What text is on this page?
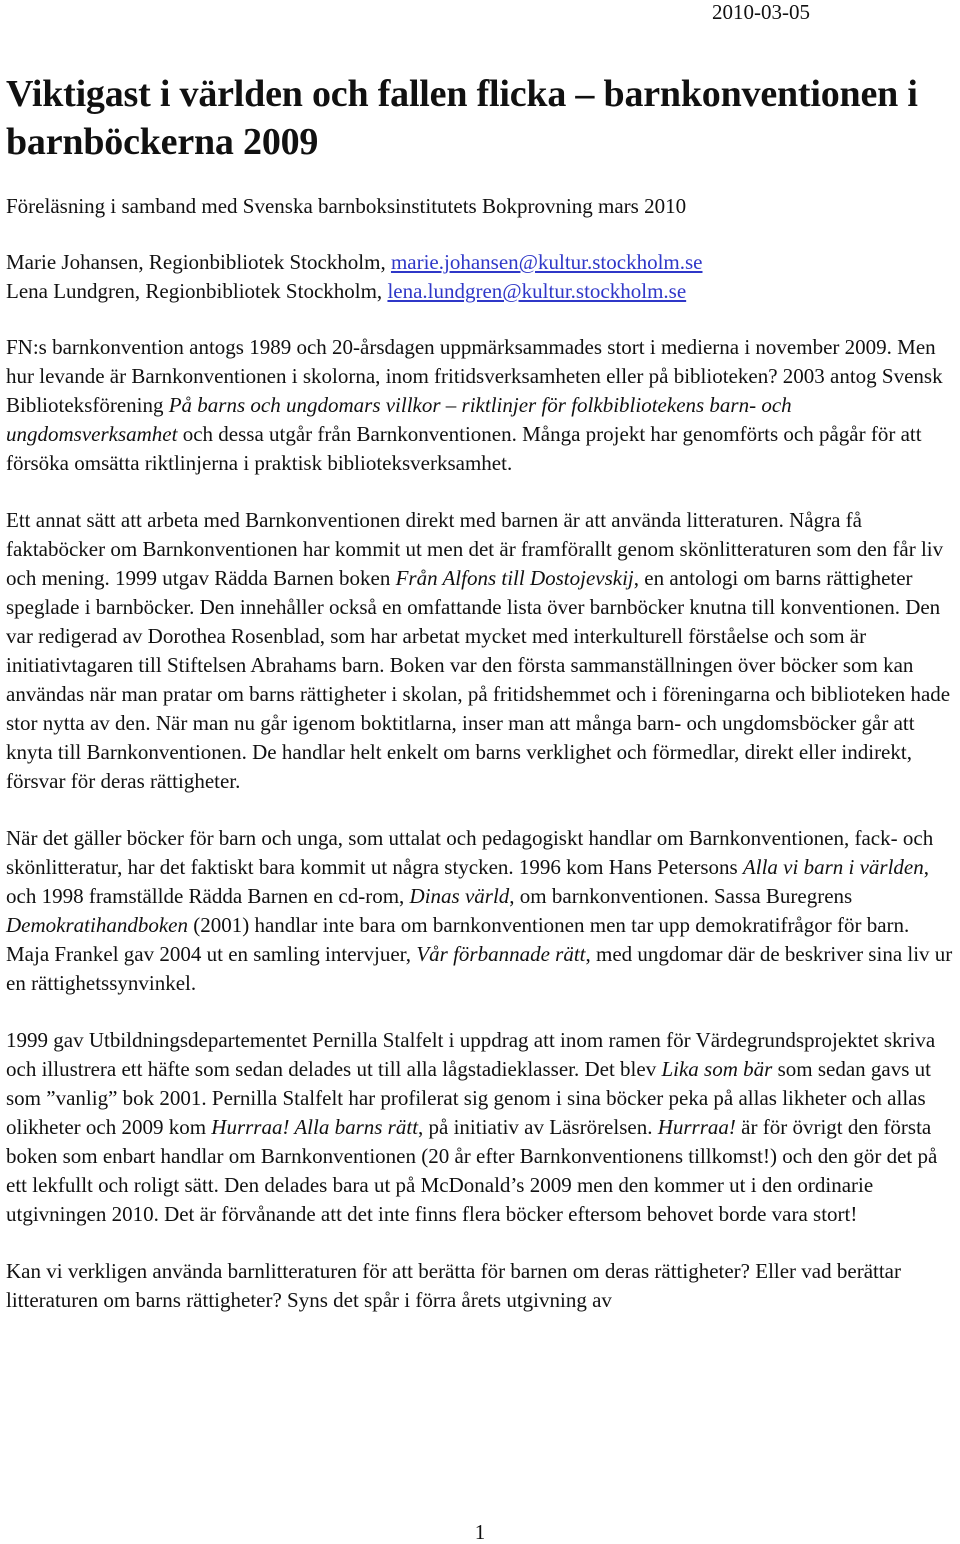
2010-03-05
Viktigast i världen och fallen flicka – barnkonventionen i barnböckerna 2009

Föreläsning i samband med Svenska barnboksinstitutets Bokprovning mars 2010

Marie Johansen, Regionbibliotek Stockholm, marie.johansen@kultur.stockholm.se

Lena Lundgren, Regionbibliotek Stockholm, lena.lundgren@kultur.stockholm.se

FN:s barnkonvention antogs 1989 och 20-årsdagen uppmärksammades stort i medierna i november 2009. Men hur levande är Barnkonventionen i skolorna, inom fritidsverksamheten eller på biblioteken? 2003 antog Svensk Biblioteksförening På barns och ungdomars villkor – riktlinjer för folkbibliotekens barn- och ungdomsverksamhet och dessa utgår från Barnkonventionen. Många projekt har genomförts och pågår för att försöka omsätta riktlinjerna i praktisk biblioteksverksamhet.

Ett annat sätt att arbeta med Barnkonventionen direkt med barnen är att använda litteraturen. Några få faktaböcker om Barnkonventionen har kommit ut men det är framförallt genom skönlitteraturen som den får liv och mening. 1999 utgav Rädda Barnen boken Från Alfons till Dostojevskij, en antologi om barns rättigheter speglade i barnböcker. Den innehåller också en omfattande lista över barnböcker knutna till konventionen. Den var redigerad av Dorothea Rosenblad, som har arbetat mycket med interkulturell förståelse och som är initiativtagaren till Stiftelsen Abrahams barn. Boken var den första sammanställningen över böcker som kan användas när man pratar om barns rättigheter i skolan, på fritidshemmet och i föreningarna och biblioteken hade stor nytta av den. När man nu går igenom boktitlarna, inser man att många barn- och ungdomsböcker går att knyta till Barnkonventionen. De handlar helt enkelt om barns verklighet och förmedlar, direkt eller indirekt, försvar för deras rättigheter.

När det gäller böcker för barn och unga, som uttalat och pedagogiskt handlar om Barnkonventionen, fack- och skönlitteratur, har det faktiskt bara kommit ut några stycken. 1996 kom Hans Petersons Alla vi barn i världen, och 1998 framställde Rädda Barnen en cd-rom, Dinas värld, om barnkonventionen. Sassa Buregrens Demokratihandboken (2001) handlar inte bara om barnkonventionen men tar upp demokratifrågor för barn. Maja Frankel gav 2004 ut en samling intervjuer, Vår förbannade rätt, med ungdomar där de beskriver sina liv ur en rättighetssynvinkel.

1999 gav Utbildningsdepartementet Pernilla Stalfelt i uppdrag att inom ramen för Värdegrundsprojektet skriva och illustrera ett häfte som sedan delades ut till alla lågstadieklasser. Det blev Lika som bär som sedan gavs ut som ”vanlig” bok 2001. Pernilla Stalfelt har profilerat sig genom i sina böcker peka på allas likheter och allas olikheter och 2009 kom Hurrraa! Alla barns rätt, på initiativ av Läsrörelsen. Hurrraa! är för övrigt den första boken som enbart handlar om Barnkonventionen (20 år efter Barnkonventionens tillkomst!) och den gör det på ett lekfullt och roligt sätt. Den delades bara ut på McDonald’s 2009 men den kommer ut i den ordinarie utgivningen 2010. Det är förvånande att det inte finns flera böcker eftersom behovet borde vara stort!

Kan vi verkligen använda barnlitteraturen för att berätta för barnen om deras rättigheter? Eller vad berättar litteraturen om barns rättigheter? Syns det spår i förra årets utgivning av

1
